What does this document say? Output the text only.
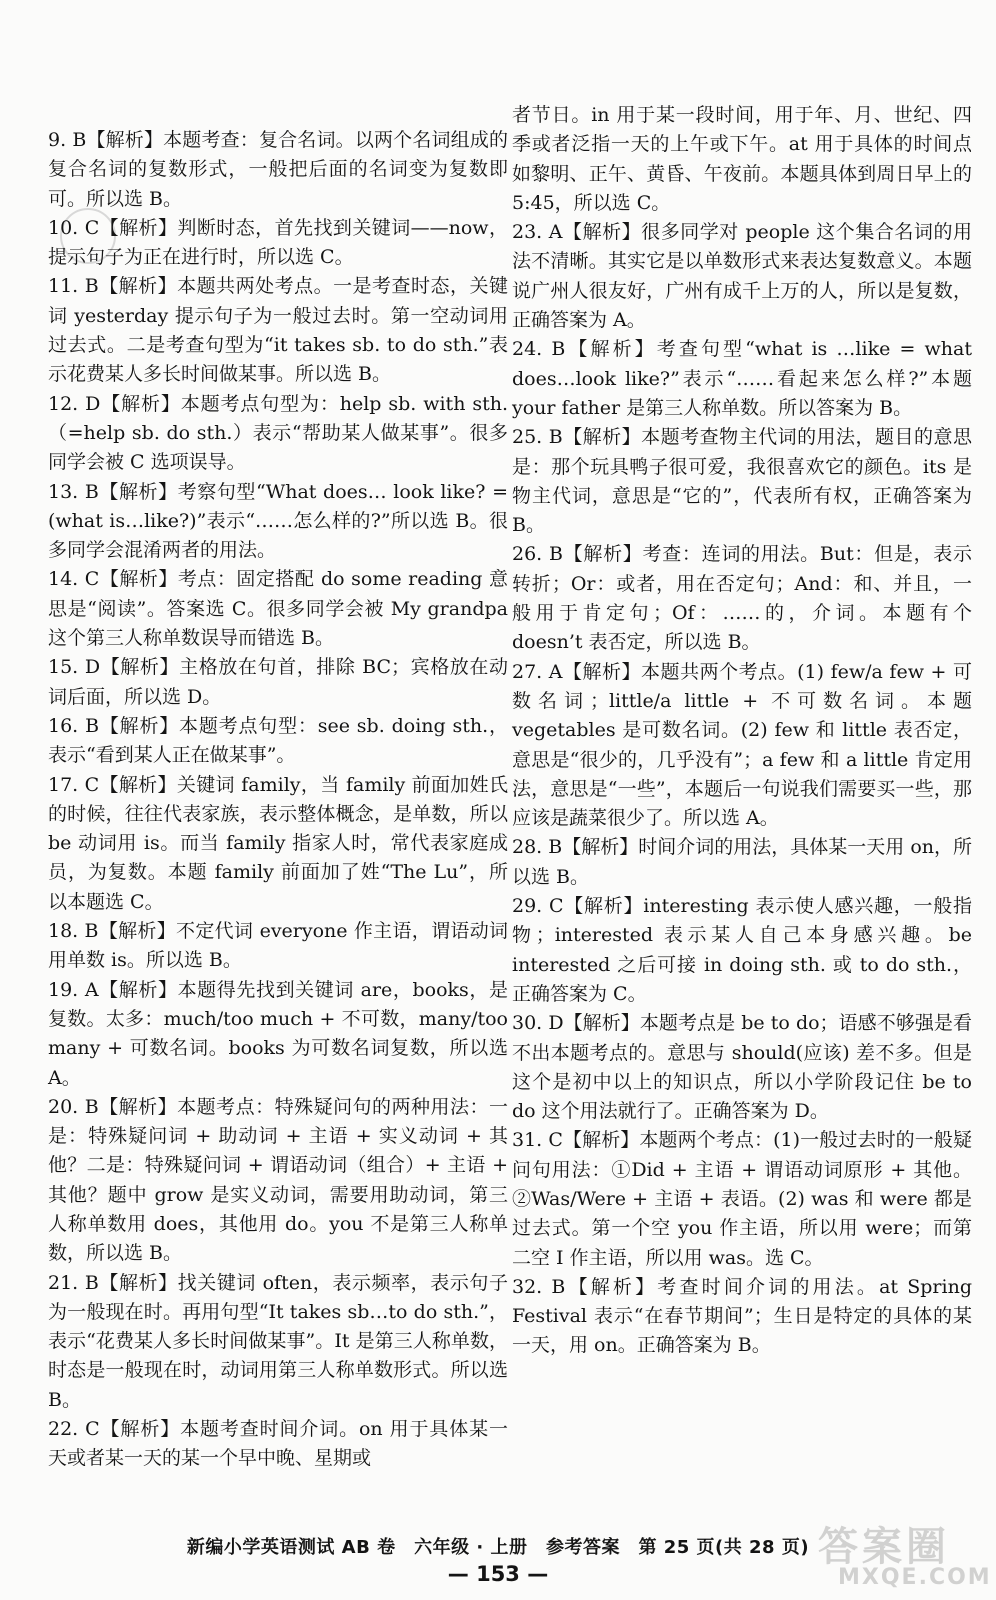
9. B【解析】本题考查：复合名词。以两个名词组成的复合名词的复数形式，一般把后面的名词变为复数即可。所以选 B。

10. C【解析】判断时态，首先找到关键词——now，提示句子为正在进行时，所以选 C。

11. B【解析】本题共两处考点。一是考查时态，关键词 yesterday 提示句子为一般过去时。第一空动词用过去式。二是考查句型为“it takes sb. to do sth.”表示花费某人多长时间做某事。所以选 B。

12. D【解析】本题考点句型为：help sb. with sth.（=help sb. do sth.）表示“帮助某人做某事”。很多同学会被 C 选项误导。

13. B【解析】考察句型“What does… look like? =(what is…like?)”表示“……怎么样的?”所以选 B。很多同学会混淆两者的用法。

14. C【解析】考点：固定搭配 do some reading 意思是“阅读”。答案选 C。很多同学会被 My grandpa 这个第三人称单数误导而错选 B。

15. D【解析】主格放在句首，排除 BC；宾格放在动词后面，所以选 D。

16. B【解析】本题考点句型：see sb. doing sth.，表示“看到某人正在做某事”。

17. C【解析】关键词 family，当 family 前面加姓氏的时候，往往代表家族，表示整体概念，是单数，所以 be 动词用 is。而当 family 指家人时，常代表家庭成员，为复数。本题 family 前面加了姓“The Lu”，所以本题选 C。

18. B【解析】不定代词 everyone 作主语，谓语动词用单数 is。所以选 B。

19. A【解析】本题得先找到关键词 are，books，是复数。太多：much/too much + 不可数，many/too many + 可数名词。books 为可数名词复数，所以选 A。

20. B【解析】本题考点：特殊疑问句的两种用法：一是：特殊疑问词 + 助动词 + 主语 + 实义动词 + 其他？二是：特殊疑问词 + 谓语动词（组合）+ 主语 + 其他？题中 grow 是实义动词，需要用助动词，第三人称单数用 does，其他用 do。you 不是第三人称单数，所以选 B。

21. B【解析】找关键词 often，表示频率，表示句子为一般现在时。再用句型“It takes sb…to do sth.”，表示“花费某人多长时间做某事”。It 是第三人称单数，时态是一般现在时，动词用第三人称单数形式。所以选 B。

22. C【解析】本题考查时间介词。on 用于具体某一天或者某一天的某一个早中晚、星期或

者节日。in 用于某一段时间，用于年、月、世纪、四季或者泛指一天的上午或下午。at 用于具体的时间点如黎明、正午、黄昏、午夜前。本题具体到周日早上的 5:45，所以选 C。

23. A【解析】很多同学对 people 这个集合名词的用法不清晰。其实它是以单数形式来表达复数意义。本题说广州人很友好，广州有成千上万的人，所以是复数，正确答案为 A。

24. B【解析】考查句型“what is …like = what does…look like?”表示“……看起来怎么样?”本题 your father 是第三人称单数。所以答案为 B。

25. B【解析】本题考查物主代词的用法，题目的意思是：那个玩具鸭子很可爱，我很喜欢它的颜色。its 是物主代词，意思是“它的”，代表所有权，正确答案为 B。

26. B【解析】考查：连词的用法。But：但是，表示转折；Or：或者，用在否定句；And：和、并且，一般用于肯定句；Of：……的，介词。本题有个 doesn’t 表否定，所以选 B。

27. A【解析】本题共两个考点。(1) few/a few + 可数名词；little/a little + 不可数名词。本题 vegetables 是可数名词。(2) few 和 little 表否定，意思是“很少的，几乎没有”；a few 和 a little 肯定用法，意思是“一些”，本题后一句说我们需要买一些，那应该是蔬菜很少了。所以选 A。

28. B【解析】时间介词的用法，具体某一天用 on，所以选 B。

29. C【解析】interesting 表示使人感兴趣，一般指物；interested 表示某人自己本身感兴趣。be interested 之后可接 in doing sth. 或 to do sth.，正确答案为 C。

30. D【解析】本题考点是 be to do；语感不够强是看不出本题考点的。意思与 should(应该) 差不多。但是这个是初中以上的知识点，所以小学阶段记住 be to do 这个用法就行了。正确答案为 D。

31. C【解析】本题两个考点：(1)一般过去时的一般疑问句用法：①Did + 主语 + 谓语动词原形 + 其他。②Was/Were + 主语 + 表语。(2) was 和 were 都是过去式。第一个空 you 作主语，所以用 were；而第二空 I 作主语，所以用 was。选 C。

32. B【解析】考查时间介词的用法。at Spring Festival 表示“在春节期间”；生日是特定的具体的某一天，用 on。正确答案为 B。

新编小学英语测试 AB 卷　六年级 · 上册　参考答案　第 25 页(共 28 页)
— 153 —
答案圈
MXQE.COM
